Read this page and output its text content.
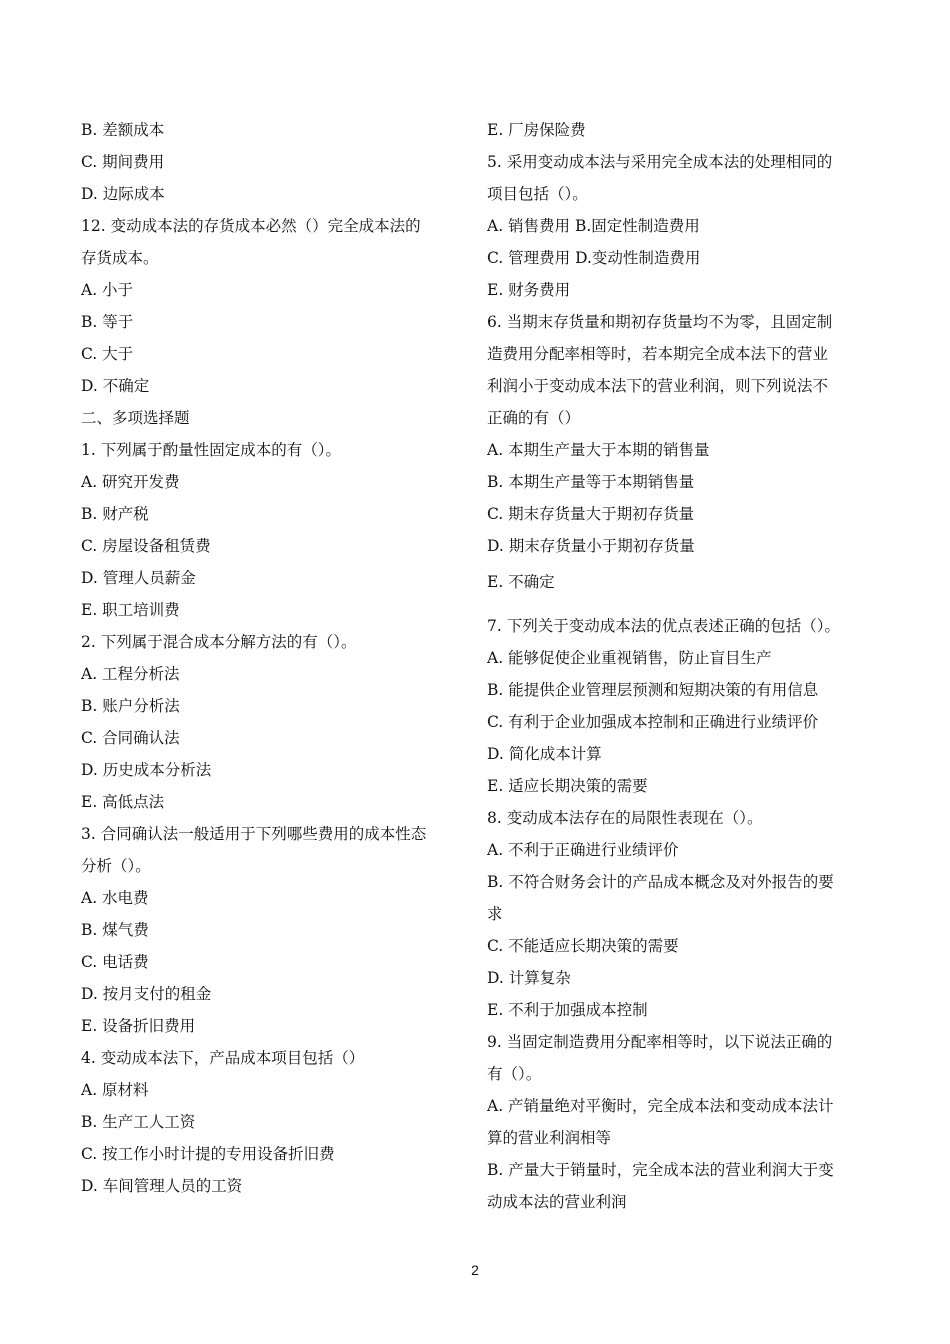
B. 差额成本
C. 期间费用
D. 边际成本
12. 变动成本法的存货成本必然（）完全成本法的
存货成本。
A. 小于
B. 等于
C. 大于
D. 不确定
二、多项选择题
1. 下列属于酌量性固定成本的有（）。
A. 研究开发费
B. 财产税
C. 房屋设备租赁费
D. 管理人员薪金
E. 职工培训费
2. 下列属于混合成本分解方法的有（）。
A. 工程分析法
B. 账户分析法
C. 合同确认法
D. 历史成本分析法
E. 高低点法
3. 合同确认法一般适用于下列哪些费用的成本性态
分析（）。
A. 水电费
B. 煤气费
C. 电话费
D. 按月支付的租金
E. 设备折旧费用
4. 变动成本法下，产品成本项目包括（）
A. 原材料
B. 生产工人工资
C. 按工作小时计提的专用设备折旧费
D. 车间管理人员的工资
E. 厂房保险费
5. 采用变动成本法与采用完全成本法的处理相同的
项目包括（）。
A. 销售费用 B.固定性制造费用
C. 管理费用 D.变动性制造费用
E. 财务费用
6. 当期末存货量和期初存货量均不为零，且固定制
造费用分配率相等时，若本期完全成本法下的营业
利润小于变动成本法下的营业利润，则下列说法不
正确的有（）
A. 本期生产量大于本期的销售量
B. 本期生产量等于本期销售量
C. 期末存货量大于期初存货量
D. 期末存货量小于期初存货量
E. 不确定
7. 下列关于变动成本法的优点表述正确的包括（）。
A. 能够促使企业重视销售，防止盲目生产
B. 能提供企业管理层预测和短期决策的有用信息
C. 有利于企业加强成本控制和正确进行业绩评价
D. 简化成本计算
E. 适应长期决策的需要
8. 变动成本法存在的局限性表现在（）。
A. 不利于正确进行业绩评价
B. 不符合财务会计的产品成本概念及对外报告的要
求
C. 不能适应长期决策的需要
D. 计算复杂
E. 不利于加强成本控制
9. 当固定制造费用分配率相等时，以下说法正确的
有（）。
A. 产销量绝对平衡时，完全成本法和变动成本法计
算的营业利润相等
B. 产量大于销量时，完全成本法的营业利润大于变
动成本法的营业利润
2
